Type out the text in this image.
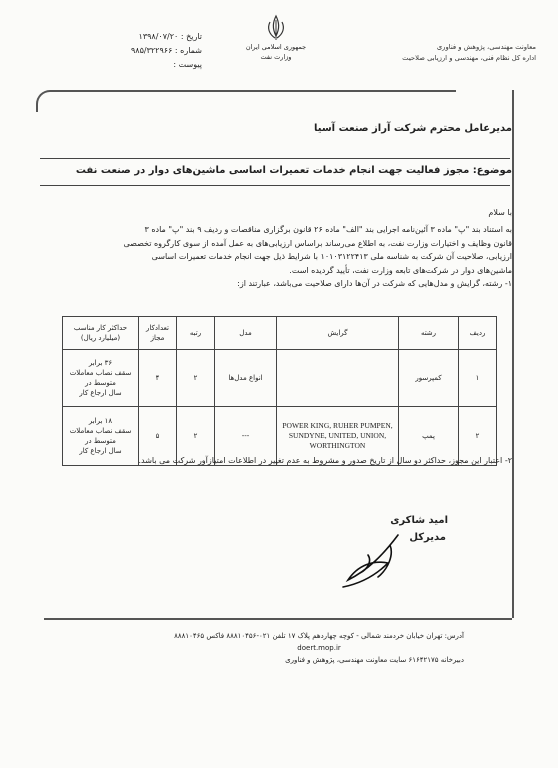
تاریخ : ۱۳۹۸/۰۷/۲۰
شماره : ۹۸۵/۳۲۲۹۶۶
پیوست :
جمهوری اسلامی ایران
وزارت نفت
معاونت مهندسی، پژوهش و فناوری
اداره کل نظام فنی، مهندسی و ارزیابی صلاحیت
مدیرعامل محترم شرکت آراز صنعت آسیا
موضوع: مجوز فعالیت جهت انجام خدمات تعمیرات اساسی ماشین‌های دوار در صنعت نفت
با سلام
به استناد بند "پ" ماده ۳ آئین‌نامه اجرایی بند "الف" ماده ۲۶ قانون برگزاری مناقصات و ردیف ۹ بند "پ" ماده ۳
قانون وظایف و اختیارات وزارت نفت، به اطلاع می‌رساند براساس ارزیابی‌های به عمل آمده از سوی کارگروه تخصصی
ارزیابی، صلاحیت آن شرکت به شناسه ملی ۱۰۱۰۳۱۲۲۴۱۳ با شرایط ذیل جهت انجام خدمات تعمیرات اساسی
ماشین‌های دوار در شرکت‌های تابعه وزارت نفت، تأیید گردیده است.
۱- رشته، گرایش و مدل‌هایی که شرکت در آن‌ها دارای صلاحیت می‌باشد، عبارتند از:
ردیف	رشته	گرایش	مدل	رتبه	تعدادکار مجاز	حداکثر کار مناسب
(میلیارد ریال)

۱	کمپرسور		انواع مدل‌ها	۲	۴	۳۶ برابر
سقف نصاب معاملات متوسط در
سال ارجاع کار

۲	پمپ	POWER KING, RUHER PUMPEN, SUNDYNE, UNITED, UNION, WORTHINGTON	---	۲	۵	۱۸ برابر
سقف نصاب معاملات متوسط در
سال ارجاع کار
۲- اعتبار این مجوز، حداکثر دو سال از تاریخ صدور و مشروط به عدم تغییر در اطلاعات امتیازآور شرکت می باشد.
امید شاکری
مدیرکل
آدرس: تهران خیابان خردمند شمالی - کوچه چهاردهم پلاک ۱۷ تلفن ۰۲۱-۸۸۸۱۰۴۵۶ فاکس ۸۸۸۱۰۴۶۵
doert.mop.ir
دبیرخانه ۶۱۶۴۲۱۷۵ سایت معاونت مهندسی، پژوهش و فناوری
